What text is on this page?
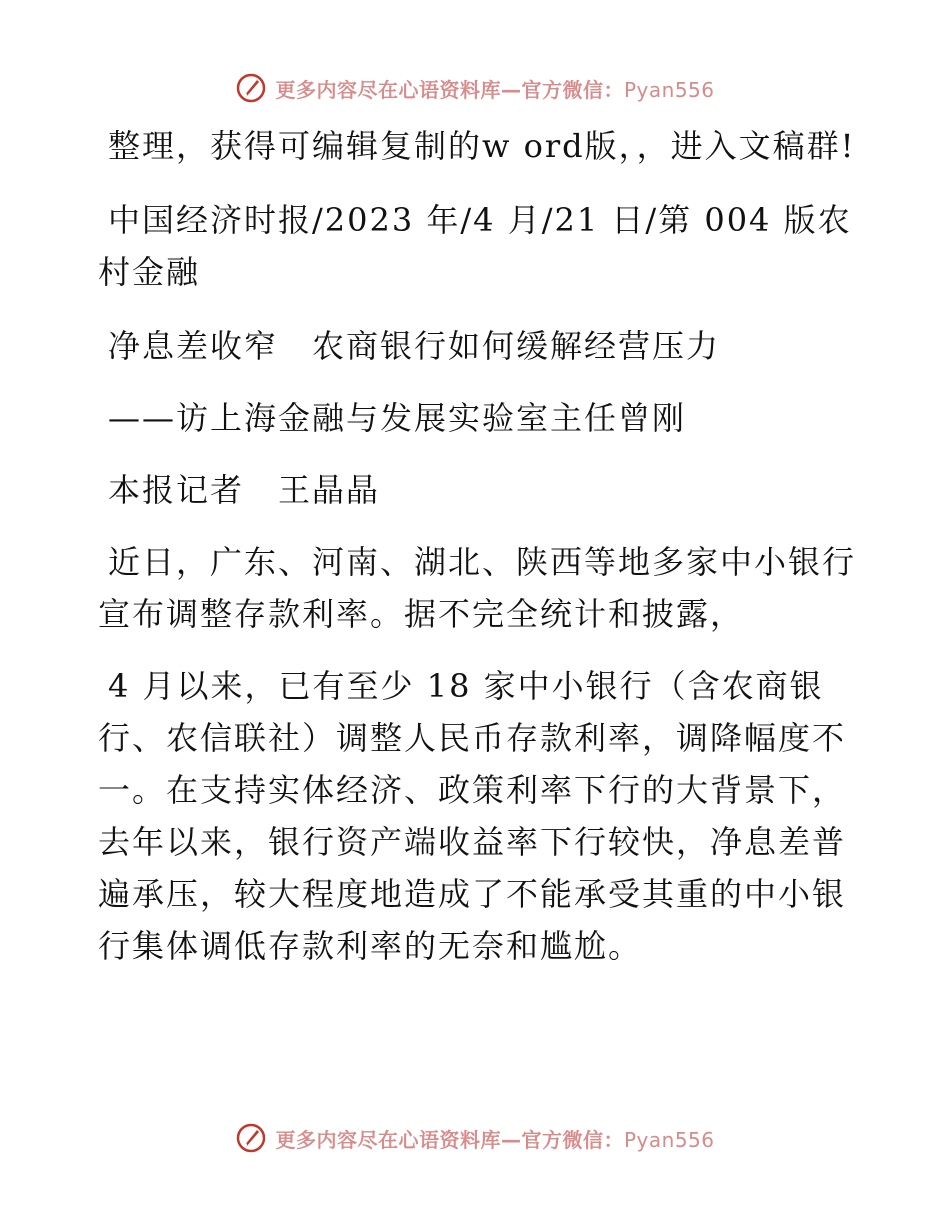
更多内容尽在心语资料库—官方微信：Pyan556

整理，获得可编辑复制的w ord版，，进入文稿群!

中国经济时报/2023 年/4 月/21 日/第 004 版农村金融

净息差收窄　农商银行如何缓解经营压力

——访上海金融与发展实验室主任曾刚

本报记者　王晶晶

近日，广东、河南、湖北、陕西等地多家中小银行宣布调整存款利率。据不完全统计和披露，

4 月以来，已有至少 18 家中小银行（含农商银行、农信联社）调整人民币存款利率，调降幅度不一。在支持实体经济、政策利率下行的大背景下，去年以来，银行资产端收益率下行较快，净息差普遍承压，较大程度地造成了不能承受其重的中小银行集体调低存款利率的无奈和尴尬。

更多内容尽在心语资料库—官方微信：Pyan556
